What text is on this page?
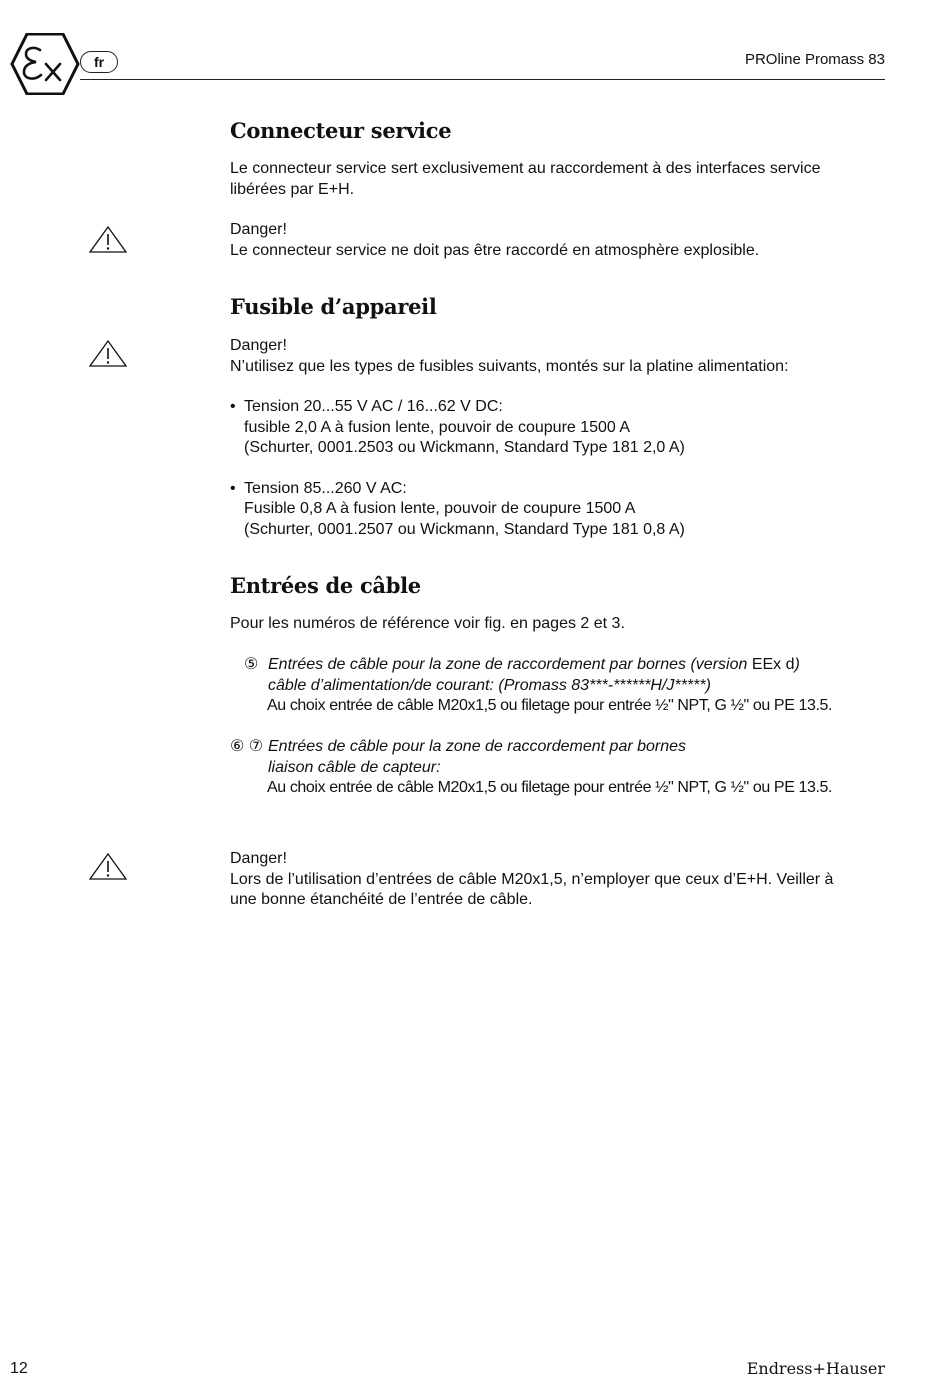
fr	PROline Promass 83
Connecteur service
Le connecteur service sert exclusivement au raccordement à des interfaces service
libérées par E+H.
Danger!
Le connecteur service ne doit pas être raccordé en atmosphère explosible.
Fusible d’appareil
Danger!
N’utilisez que les types de fusibles suivants, montés sur la platine alimentation:
• Tension 20...55 V AC / 16...62 V DC:
fusible 2,0 A à fusion lente, pouvoir de coupure 1500 A
(Schurter, 0001.2503 ou Wickmann, Standard Type 181 2,0 A)
• Tension 85...260 V AC:
Fusible 0,8 A à fusion lente, pouvoir de coupure 1500 A
(Schurter, 0001.2507 ou Wickmann, Standard Type 181 0,8 A)
Entrées de câble
Pour les numéros de référence voir fig. en pages 2 et 3.
⑤ Entrées de câble pour la zone de raccordement par bornes (version EEx d)
câble d’alimentation/de courant: (Promass 83***-******H/J*****)
Au choix entrée de câble M20x1,5 ou filetage pour entrée ½" NPT, G ½" ou PE 13.5.
⑥ ⑦ Entrées de câble pour la zone de raccordement par bornes
liaison câble de capteur:
Au choix entrée de câble M20x1,5 ou filetage pour entrée ½" NPT, G ½" ou PE 13.5.
Danger!
Lors de l’utilisation d’entrées de câble M20x1,5, n’employer que ceux d’E+H. Veiller à
une bonne étanchéité de l’entrée de câble.
12	Endress+Hauser
